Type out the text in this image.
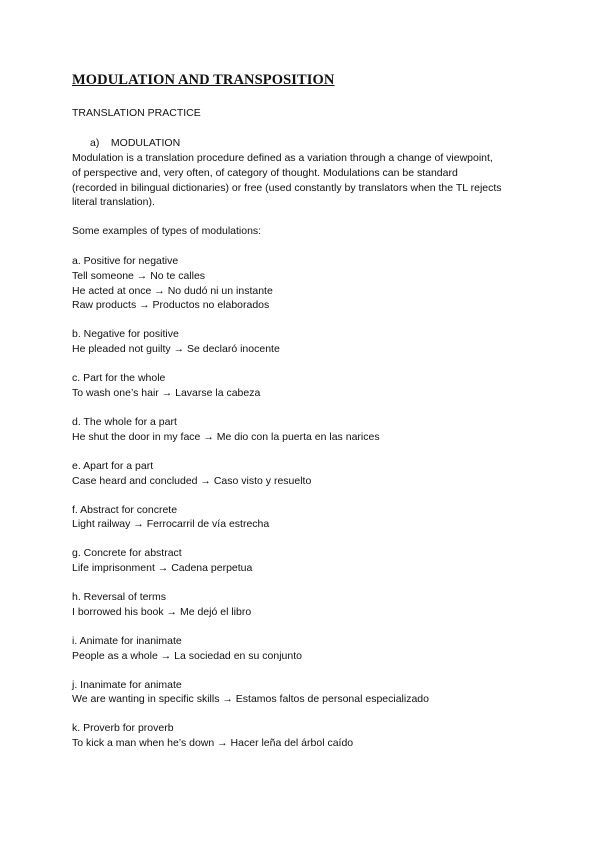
MODULATION AND TRANSPOSITION
TRANSLATION PRACTICE
a) MODULATION
Modulation is a translation procedure defined as a variation through a change of viewpoint,
of perspective and, very often, of category of thought. Modulations can be standard
(recorded in bilingual dictionaries) or free (used constantly by translators when the TL rejects
literal translation).
Some examples of types of modulations:
a. Positive for negative
Tell someone → No te calles
He acted at once → No dudó ni un instante
Raw products → Productos no elaborados
b. Negative for positive
He pleaded not guilty → Se declaró inocente
c. Part for the whole
To wash one’s hair → Lavarse la cabeza
d. The whole for a part
He shut the door in my face → Me dio con la puerta en las narices
e. Apart for a part
Case heard and concluded → Caso visto y resuelto
f. Abstract for concrete
Light railway → Ferrocarril de vía estrecha
g. Concrete for abstract
Life imprisonment → Cadena perpetua
h. Reversal of terms
I borrowed his book → Me dejó el libro
i. Animate for inanimate
People as a whole → La sociedad en su conjunto
j. Inanimate for animate
We are wanting in specific skills → Estamos faltos de personal especializado
k. Proverb for proverb
To kick a man when he’s down → Hacer leña del árbol caído
